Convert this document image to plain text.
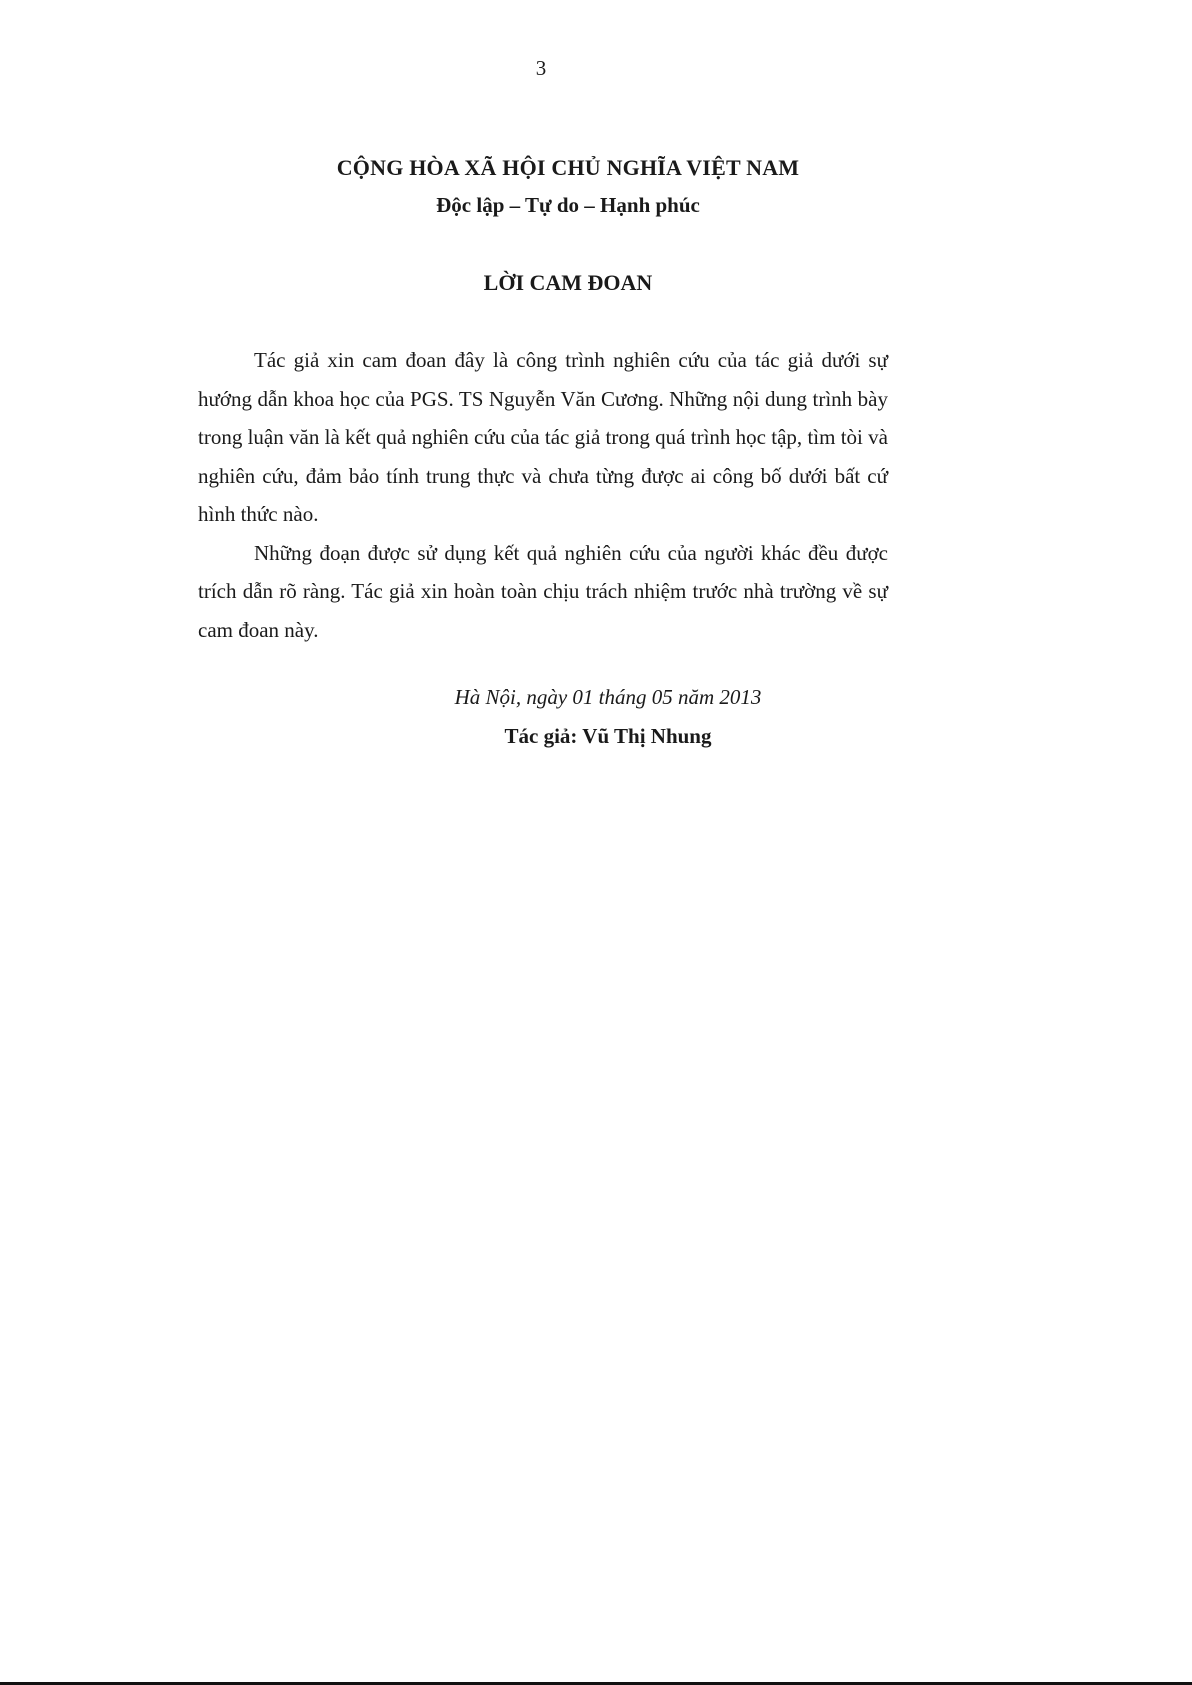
3
CỘNG HÒA XÃ HỘI CHỦ NGHĨA VIỆT NAM
Độc lập – Tự do – Hạnh phúc
LỜI CAM ĐOAN

Tác giả xin cam đoan đây là công trình nghiên cứu của tác giả dưới sự hướng dẫn khoa học của PGS. TS Nguyễn Văn Cương. Những nội dung trình bày trong luận văn là kết quả nghiên cứu của tác giả trong quá trình học tập, tìm tòi và nghiên cứu, đảm bảo tính trung thực và chưa từng được ai công bố dưới bất cứ hình thức nào.

Những đoạn được sử dụng kết quả nghiên cứu của người khác đều được trích dẫn rõ ràng. Tác giả xin hoàn toàn chịu trách nhiệm trước nhà trường về sự cam đoan này.

Hà Nội, ngày 01 tháng 05 năm 2013
Tác giả: Vũ Thị Nhung
